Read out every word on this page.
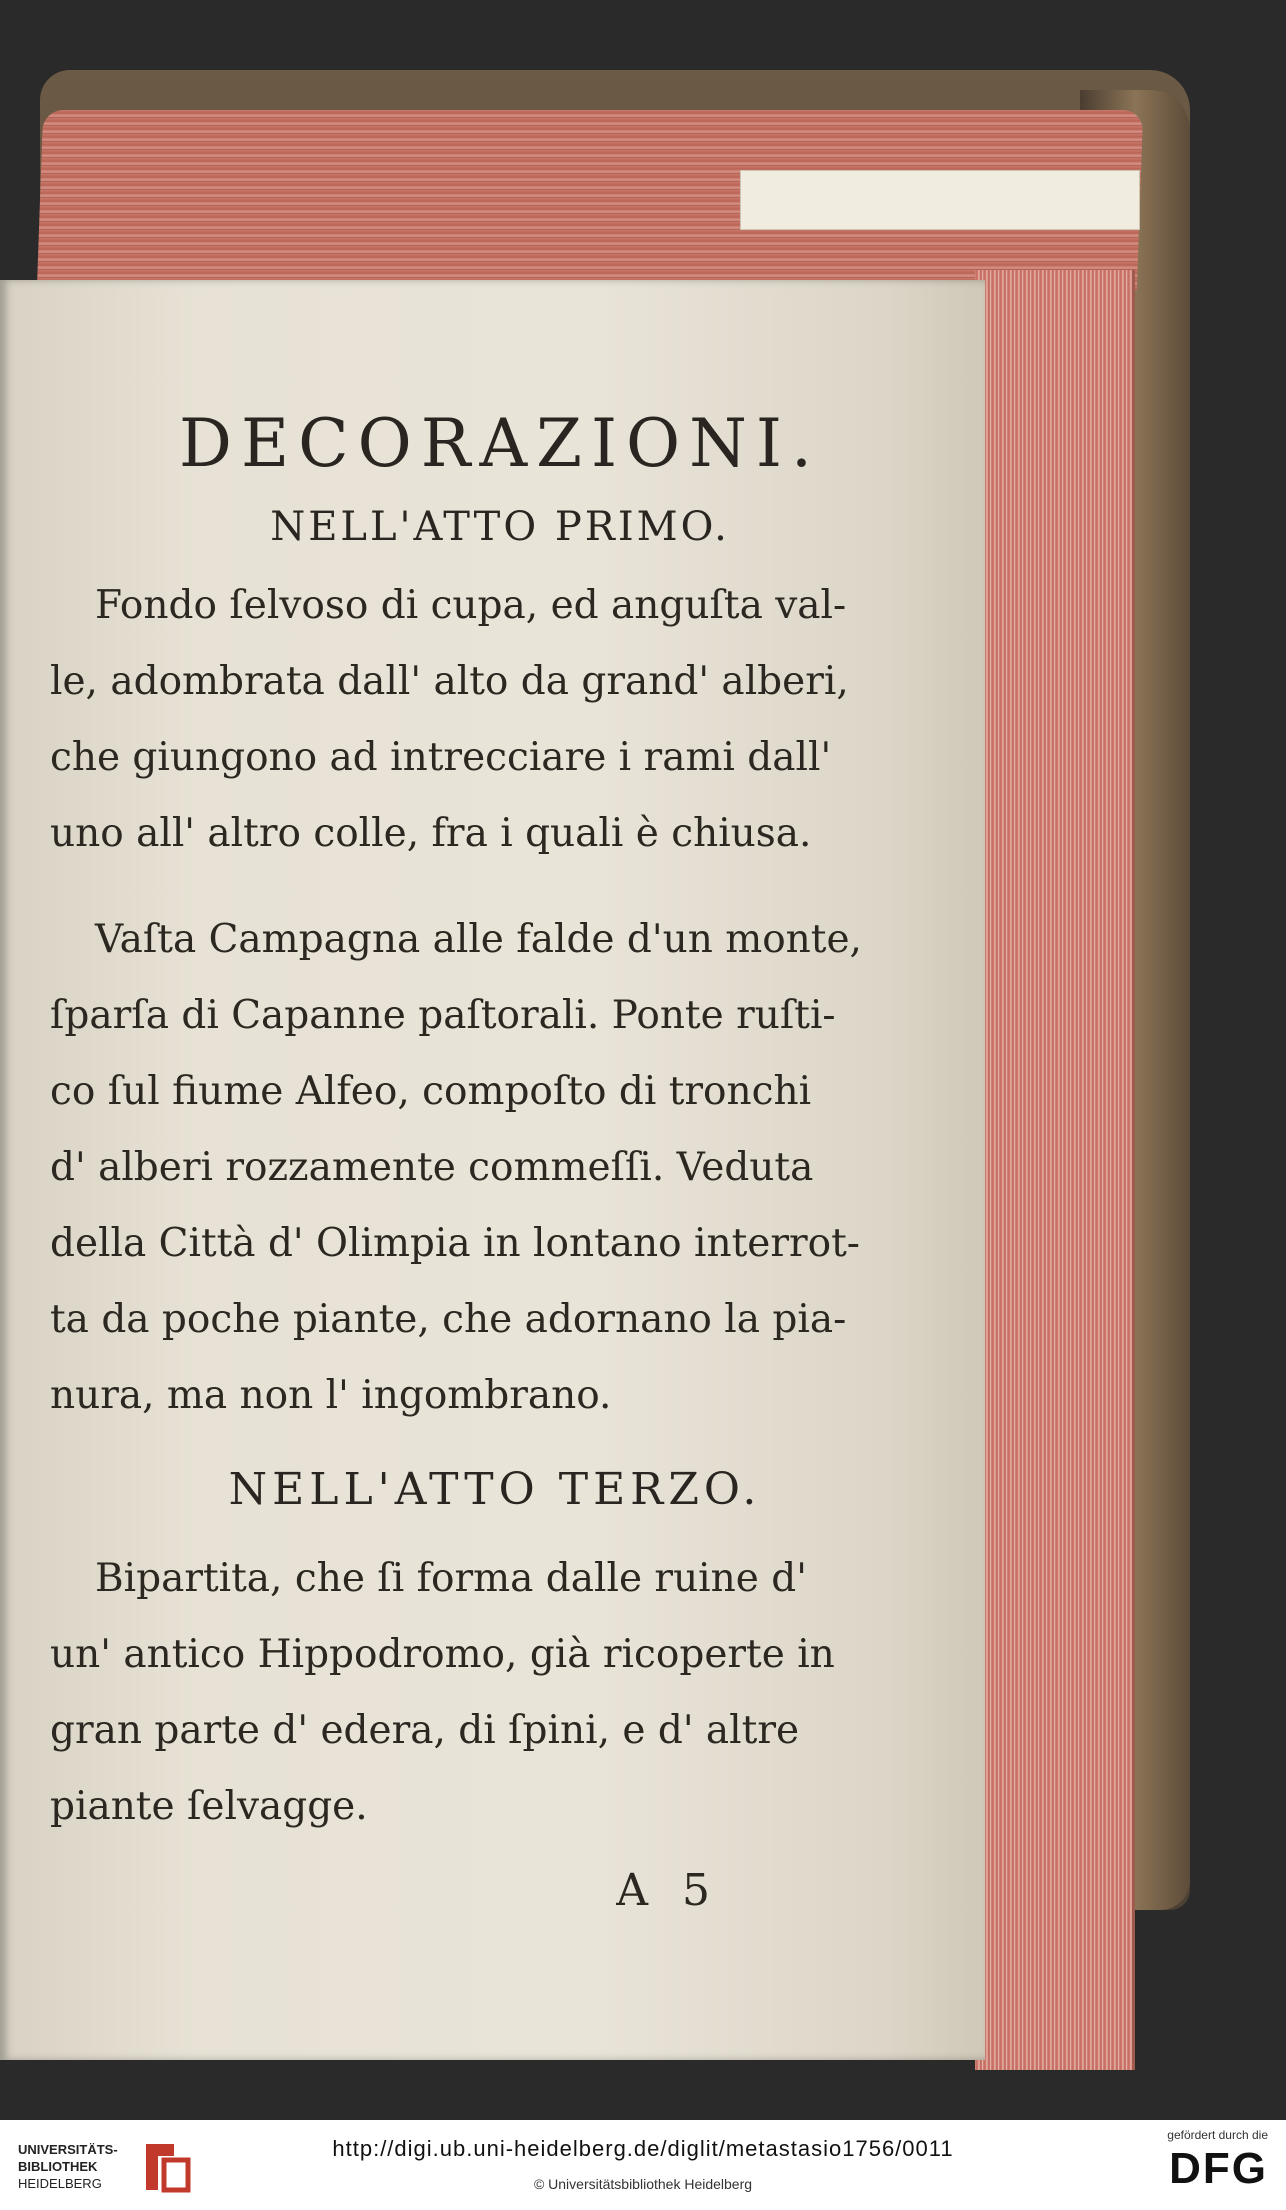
DECORAZIONI.
NELL'ATTO PRIMO.
Fondo ſelvoso di cupa, ed anguſta val-
le, adombrata dall' alto da grand' alberi,
che giungono ad intrecciare i rami dall'
uno all' altro colle, fra i quali è chiusa.
Vaſta Campagna alle falde d'un monte,
ſparſa di Capanne paſtorali. Ponte ruſti-
co ſul fiume Alfeo, compoſto di tronchi
d' alberi rozzamente commeſſi. Veduta
della Città d' Olimpia in lontano interrot-
ta da poche piante, che adornano la pia-
nura, ma non l' ingombrano.
NELL'ATTO TERZO.
Bipartita, che ſi forma dalle ruine d'
un' antico Hippodromo, già ricoperte in
gran parte d' edera, di ſpini, e d' altre
piante ſelvagge.
A 5
UNIVERSITÄTS-
BIBLIOTHEK
HEIDELBERG
http://digi.ub.uni-heidelberg.de/diglit/metastasio1756/0011
© Universitätsbibliothek Heidelberg
gefördert durch die
DFG
